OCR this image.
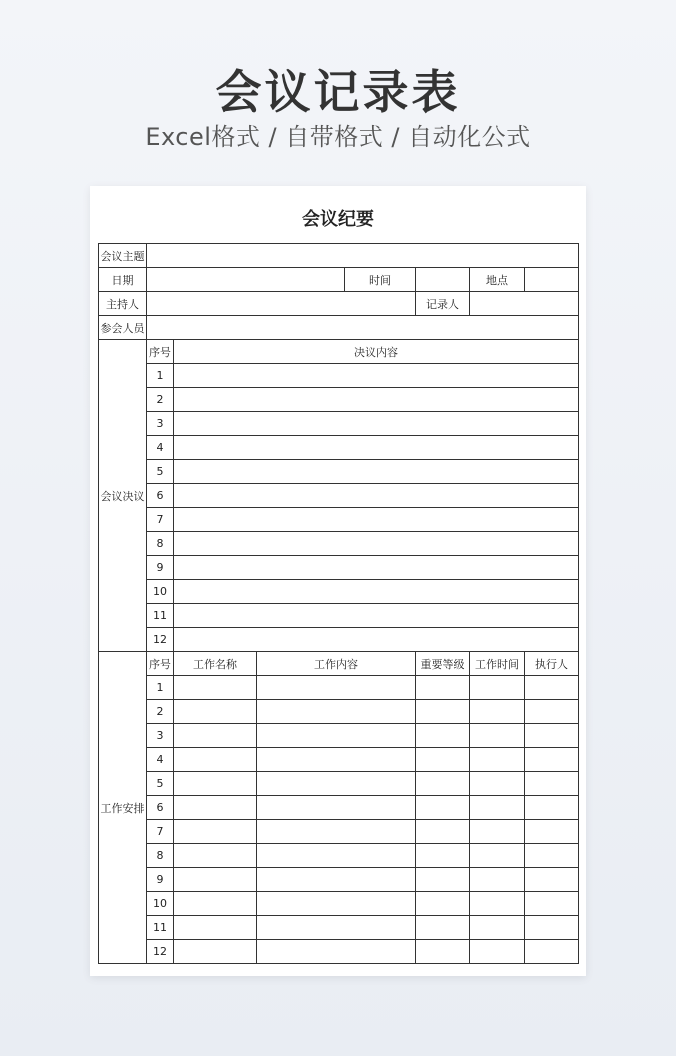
会议记录表
Excel格式 / 自带格式 / 自动化公式
会议纪要
会议主题							
日期				时间		地点	
主持人					记录人		
参会人员							
会议决议	序号	决议内容					
	1						
	2						
	3						
	4						
	5						
	6						
	7						
	8						
	9						
	10						
	11						
	12						
工作安排	序号	工作名称	工作内容		重要等级	工作时间	执行人
	1						
	2						
	3						
	4						
	5						
	6						
	7						
	8						
	9						
	10						
	11						
	12						
